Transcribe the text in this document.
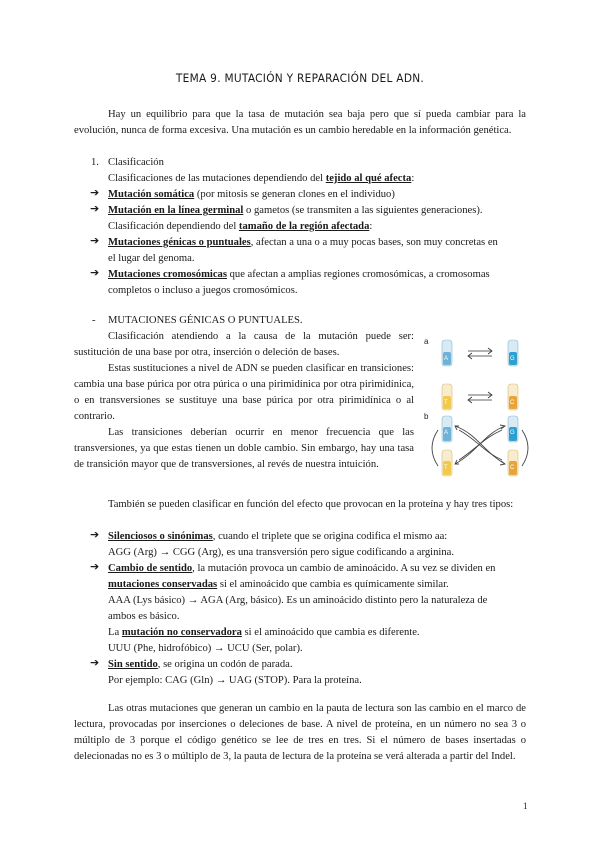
TEMA 9. MUTACIÓN Y REPARACIÓN DEL ADN.
Hay un equilibrio para que la tasa de mutación sea baja pero que sí pueda cambiar para la evolución, nunca de forma excesiva. Una mutación es un cambio heredable en la información genética.
1. Clasificación
Clasificaciones de las mutaciones dependiendo del tejido al qué afecta:
➔ Mutación somática (por mitosis se generan clones en el individuo)
➔ Mutación en la línea germinal o gametos (se transmiten a las siguientes generaciones).
Clasificación dependiendo del tamaño de la región afectada:
➔ Mutaciones génicas o puntuales, afectan a una o a muy pocas bases, son muy concretas en
el lugar del genoma.
➔ Mutaciones cromosómicas que afectan a amplias regiones cromosómicas, a cromosomas
completos o incluso a juegos cromosómicos.
- MUTACIONES GÉNICAS O PUNTUALES.
Clasificación atendiendo a la causa de la mutación puede ser: sustitución de una base por otra, inserción o deleción de bases.
Estas sustituciones a nivel de ADN se pueden clasificar en transiciones: cambia una base púrica por otra púrica o una pirimidínica por otra pirimidínica, o en transversiones se sustituye una base púrica por otra pirimidínica o al contrario.
Las transiciones deberían ocurrir en menor frecuencia que las transversiones, ya que estas tienen un doble cambio. Sin embargo, hay una tasa de transición mayor que de transversiones, al revés de nuestra intuición.
a
A	G
T	C
b
A	G
T	C
También se pueden clasificar en función del efecto que provocan en la proteína y hay tres tipos:
➔ Silenciosos o sinónimas, cuando el triplete que se origina codifica el mismo aa:
AGG (Arg) → CGG (Arg), es una transversión pero sigue codificando a arginina.
➔ Cambio de sentido, la mutación provoca un cambio de aminoácido. A su vez se dividen en
mutaciones conservadas si el aminoácido que cambia es químicamente similar.
AAA (Lys básico) → AGA (Arg, básico). Es un aminoácido distinto pero la naturaleza de
ambos es básico.
La mutación no conservadora si el aminoácido que cambia es diferente.
UUU (Phe, hidrofóbico) → UCU (Ser, polar).
➔ Sin sentido, se origina un codón de parada.
Por ejemplo: CAG (Gln) → UAG (STOP). Para la proteína.
Las otras mutaciones que generan un cambio en la pauta de lectura son las cambio en el marco de lectura, provocadas por inserciones o deleciones de base. A nivel de proteína, en un número no sea 3 o múltiplo de 3 porque el código genético se lee de tres en tres. Si el número de bases insertadas o delecionadas no es 3 o múltiplo de 3, la pauta de lectura de la proteína se verá alterada a partir del Indel.
1
